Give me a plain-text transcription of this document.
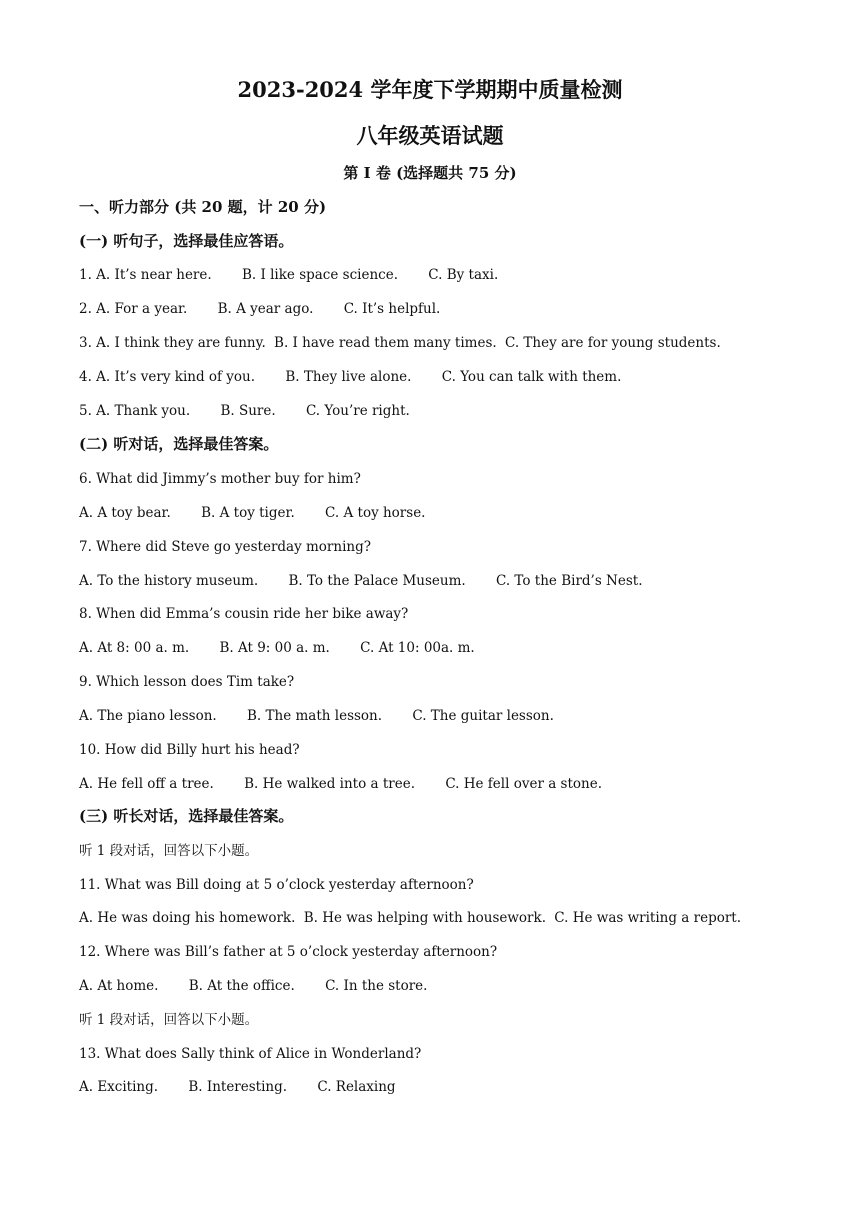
2023-2024 学年度下学期期中质量检测
八年级英语试题
第 I 卷 (选择题共 75 分)
一、听力部分 (共 20 题，计 20 分)
(一) 听句子，选择最佳应答语。
1. A. It’s near here. B. I like space science. C. By taxi.
2. A. For a year. B. A year ago. C. It’s helpful.
3. A. I think they are funny. B. I have read them many times. C. They are for young students.
4. A. It’s very kind of you. B. They live alone. C. You can talk with them.
5. A. Thank you. B. Sure. C. You’re right.
(二) 听对话，选择最佳答案。
6. What did Jimmy’s mother buy for him?
A. A toy bear. B. A toy tiger. C. A toy horse.
7. Where did Steve go yesterday morning?
A. To the history museum. B. To the Palace Museum. C. To the Bird’s Nest.
8. When did Emma’s cousin ride her bike away?
A. At 8: 00 a. m. B. At 9: 00 a. m. C. At 10: 00a. m.
9. Which lesson does Tim take?
A. The piano lesson. B. The math lesson. C. The guitar lesson.
10. How did Billy hurt his head?
A. He fell off a tree. B. He walked into a tree. C. He fell over a stone.
(三) 听长对话，选择最佳答案。
听 1 段对话，回答以下小题。
11. What was Bill doing at 5 o’clock yesterday afternoon?
A. He was doing his homework. B. He was helping with housework. C. He was writing a report.
12. Where was Bill’s father at 5 o’clock yesterday afternoon?
A. At home. B. At the office. C. In the store.
听 1 段对话，回答以下小题。
13. What does Sally think of Alice in Wonderland?
A. Exciting. B. Interesting. C. Relaxing
